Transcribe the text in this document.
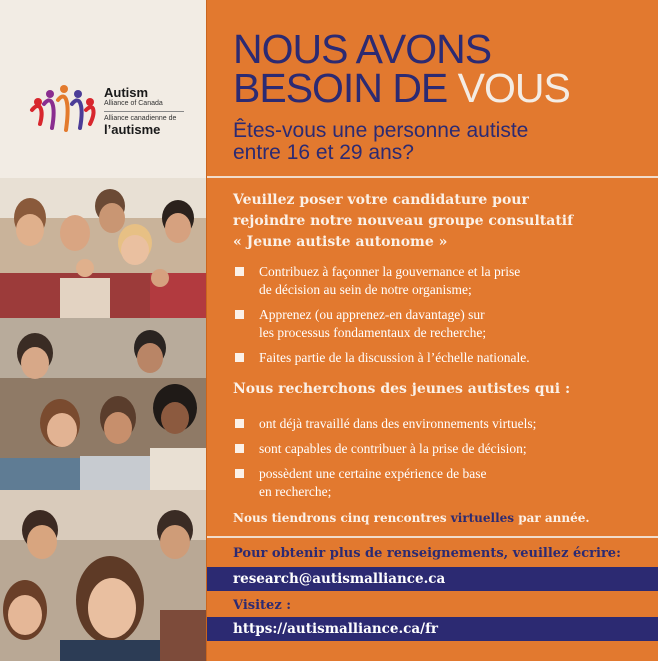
Autism
Alliance of Canada
Alliance canadienne de
l’autisme
NOUS AVONS
BESOIN DE VOUS
Êtes-vous une personne autiste
entre 16 et 29 ans?
Veuillez poser votre candidature pour
rejoindre notre nouveau groupe consultatif
« Jeune autiste autonome »
Contribuez à façonner la gouvernance et la prise
de décision au sein de notre organisme;
Apprenez (ou apprenez-en davantage) sur
les processus fondamentaux de recherche;
Faites partie de la discussion à l’échelle nationale.
Nous recherchons des jeunes autistes qui :
ont déjà travaillé dans des environnements virtuels;
sont capables de contribuer à la prise de décision;
possèdent une certaine expérience de base
en recherche;
Nous tiendrons cinq rencontres virtuelles par année.
Pour obtenir plus de renseignements, veuillez écrire:
research@autismalliance.ca
Visitez :
https://autismalliance.ca/fr
